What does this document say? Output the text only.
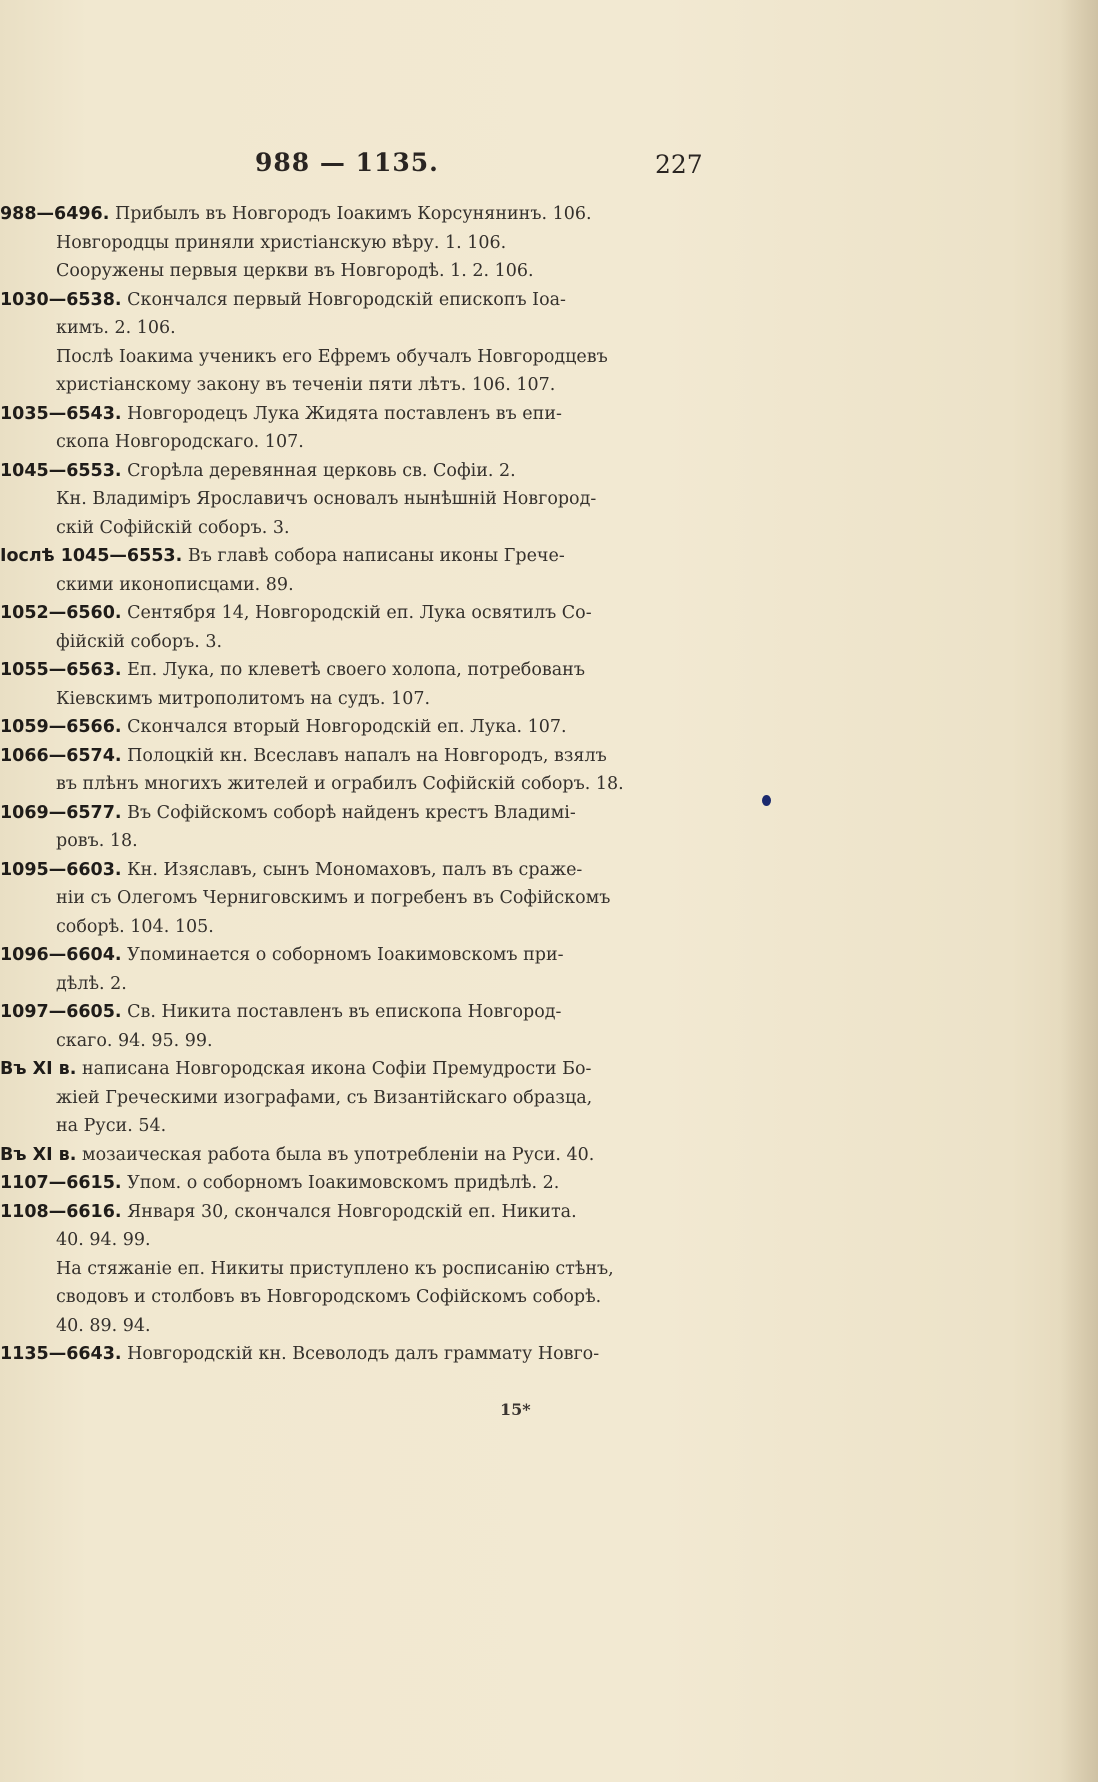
988 — 1135.	227
988—6496. Прибылъ въ Новгородъ Іоакимъ Корсунянинъ. 106.
Новгородцы приняли христіанскую вѣру. 1. 106.
Сооружены первыя церкви въ Новгородѣ. 1. 2. 106.
1030—6538. Скончался первый Новгородскій епископъ Іоа-
кимъ. 2. 106.
Послѣ Іоакима ученикъ его Ефремъ обучалъ Новгородцевъ
христіанскому закону въ теченіи пяти лѣтъ. 106. 107.
1035—6543. Новгородецъ Лука Жидята поставленъ въ епи-
скопа Новгородскаго. 107.
1045—6553. Сгорѣла деревянная церковь св. Софіи. 2.
Кн. Владиміръ Ярославичъ основалъ нынѣшній Новгород-
скій Софійскій соборъ. 3.
Іослѣ 1045—6553. Въ главѣ собора написаны иконы Грече-
скими иконописцами. 89.
1052—6560. Сентября 14, Новгородскій еп. Лука освятилъ Со-
фійскій соборъ. 3.
1055—6563. Еп. Лука, по клеветѣ своего холопа, потребованъ
Кіевскимъ митрополитомъ на судъ. 107.
1059—6566. Скончался вторый Новгородскій еп. Лука. 107.
1066—6574. Полоцкій кн. Всеславъ напалъ на Новгородъ, взялъ
въ плѣнъ многихъ жителей и ограбилъ Софійскій соборъ. 18.
1069—6577. Въ Софійскомъ соборѣ найденъ крестъ Владимі-
ровъ. 18.
1095—6603. Кн. Изяславъ, сынъ Мономаховъ, палъ въ сраже-
ніи съ Олегомъ Черниговскимъ и погребенъ въ Софійскомъ
соборѣ. 104. 105.
1096—6604. Упоминается о соборномъ Іоакимовскомъ при-
дѣлѣ. 2.
1097—6605. Св. Никита поставленъ въ епископа Новгород-
скаго. 94. 95. 99.
Въ XI в. написана Новгородская икона Софіи Премудрости Бо-
жіей Греческими изографами, съ Византійскаго образца,
на Руси. 54.
Въ XI в. мозаическая работа была въ употребленіи на Руси. 40.
1107—6615. Упом. о соборномъ Іоакимовскомъ придѣлѣ. 2.
1108—6616. Января 30, скончался Новгородскій еп. Никита.
40. 94. 99.
На стяжаніе еп. Никиты приступлено къ росписанію стѣнъ,
сводовъ и столбовъ въ Новгородскомъ Софійскомъ соборѣ.
40. 89. 94.
1135—6643. Новгородскій кн. Всеволодъ далъ граммату Новго-
15*
